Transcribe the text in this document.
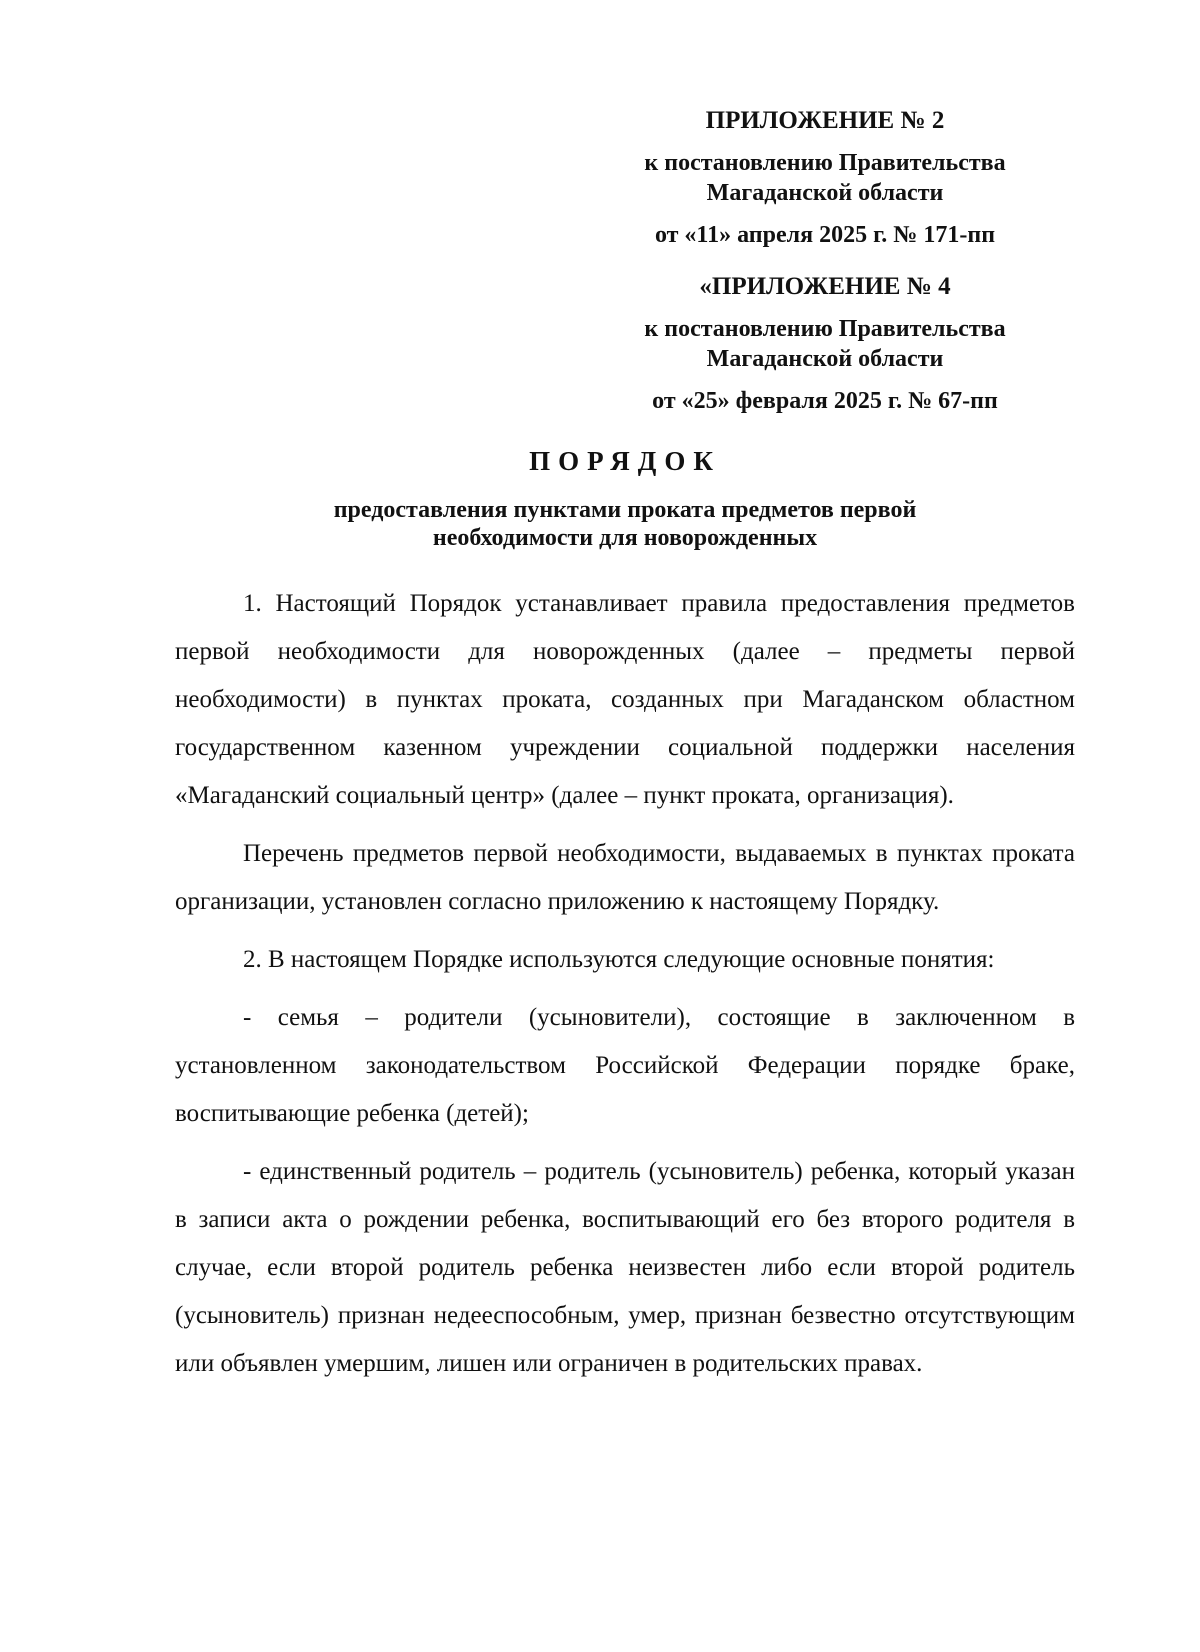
ПРИЛОЖЕНИЕ № 2

к постановлению Правительства

Магаданской области

от «11» апреля 2025 г. № 171-пп

«ПРИЛОЖЕНИЕ № 4

к постановлению Правительства

Магаданской области

от «25» февраля 2025 г. № 67-пп

ПОРЯДОК
предоставления пунктами проката предметов первой
необходимости для новорожденных

1. Настоящий Порядок устанавливает правила предоставления предметов первой необходимости для новорожденных (далее – предметы первой необходимости) в пунктах проката, созданных при Магаданском областном государственном казенном учреждении социальной поддержки населения «Магаданский социальный центр» (далее – пункт проката, организация).

Перечень предметов первой необходимости, выдаваемых в пунктах проката организации, установлен согласно приложению к настоящему Порядку.

2. В настоящем Порядке используются следующие основные понятия:

- семья – родители (усыновители), состоящие в заключенном в установленном законодательством Российской Федерации порядке браке, воспитывающие ребенка (детей);

- единственный родитель – родитель (усыновитель) ребенка, который указан в записи акта о рождении ребенка, воспитывающий его без второго родителя в случае, если второй родитель ребенка неизвестен либо если второй родитель (усыновитель) признан недееспособным, умер, признан безвестно отсутствующим или объявлен умершим, лишен или ограничен в родительских правах.
